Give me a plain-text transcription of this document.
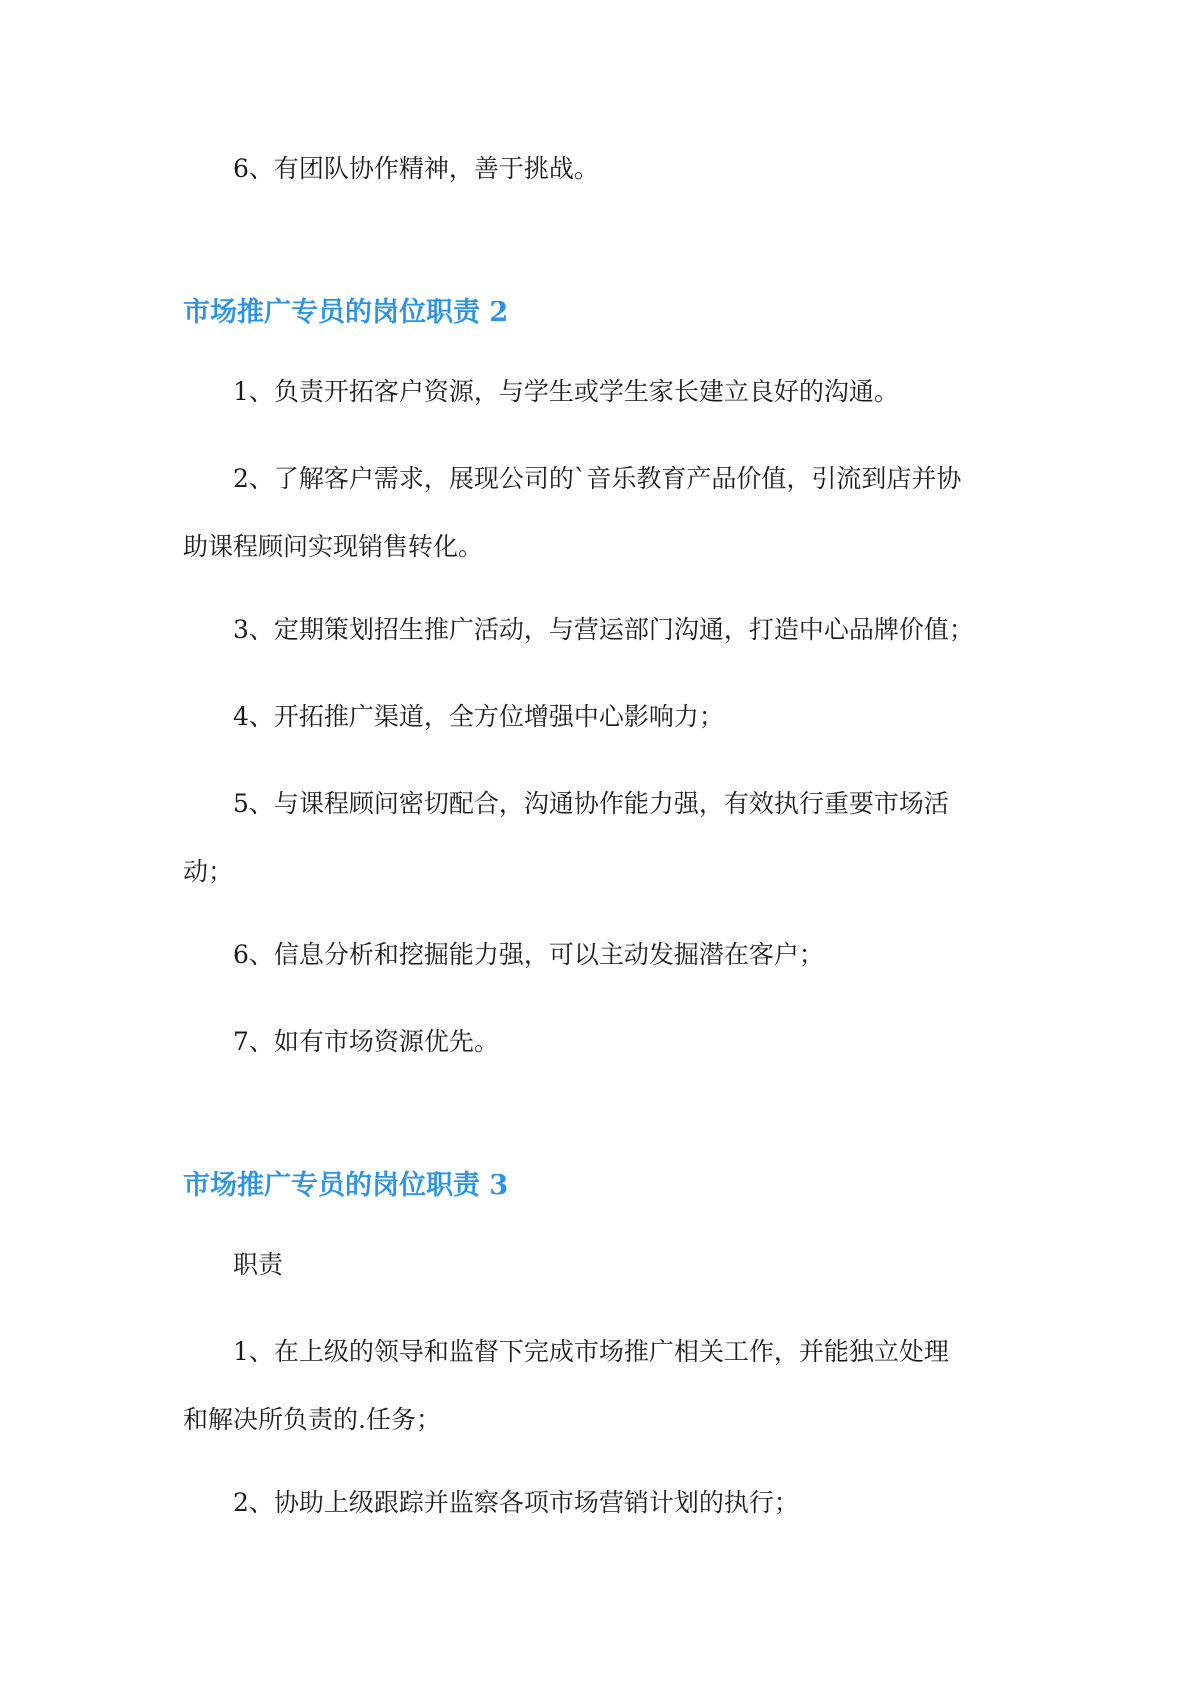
6、有团队协作精神，善于挑战。

市场推广专员的岗位职责 2

1、负责开拓客户资源，与学生或学生家长建立良好的沟通。

2、了解客户需求，展现公司的`音乐教育产品价值，引流到店并协

助课程顾问实现销售转化。

3、定期策划招生推广活动，与营运部门沟通，打造中心品牌价值；

4、开拓推广渠道，全方位增强中心影响力；

5、与课程顾问密切配合，沟通协作能力强，有效执行重要市场活

动；

6、信息分析和挖掘能力强，可以主动发掘潜在客户；

7、如有市场资源优先。

市场推广专员的岗位职责 3

职责

1、在上级的领导和监督下完成市场推广相关工作，并能独立处理

和解决所负责的.任务；

2、协助上级跟踪并监察各项市场营销计划的执行；
